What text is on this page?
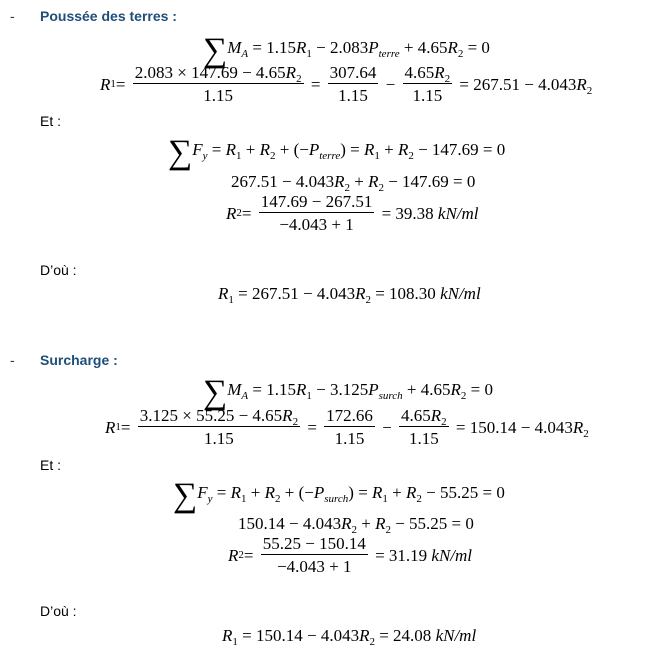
- Poussée des terres :
$\sum M_A = 1.15R_1 - 2.083P_{terre} + 4.65R_2 = 0$
$R1= \frac{2.083 \times 147.69 - 4.65R_2}{1.15} = \frac{307.64}{1.15} - \frac{4.65R_2}{1.15} = 267.51 - 4.043R_2$
Et :
$\sum F_y = R_1 + R_2 + (-P_{terre}) = R_1 + R_2 - 147.69 = 0$
$267.51 - 4.043R_2 + R_2 - 147.69 = 0$
$R2= \frac{147.69 - 267.51}{-4.043 + 1} = 39.38$ kN/ml
D’où :
$R_1 = 267.51 - 4.043R_2 = 108.30$ kN/ml
- Surcharge :
$\sum M_A = 1.15R_1 - 3.125P_{surch} + 4.65R_2 = 0$
$R1= \frac{3.125 \times 55.25 - 4.65R_2}{1.15} = \frac{172.66}{1.15} - \frac{4.65R_2}{1.15} = 150.14 - 4.043R_2$
Et :
$\sum F_y = R_1 + R_2 + (-P_{surch}) = R_1 + R_2 - 55.25 = 0$
$150.14 - 4.043R_2 + R_2 - 55.25 = 0$
$R2= \frac{55.25 - 150.14}{-4.043 + 1} = 31.19$ kN/ml
D’où :
$R_1 = 150.14 - 4.043R_2 = 24.08$ kN/ml
